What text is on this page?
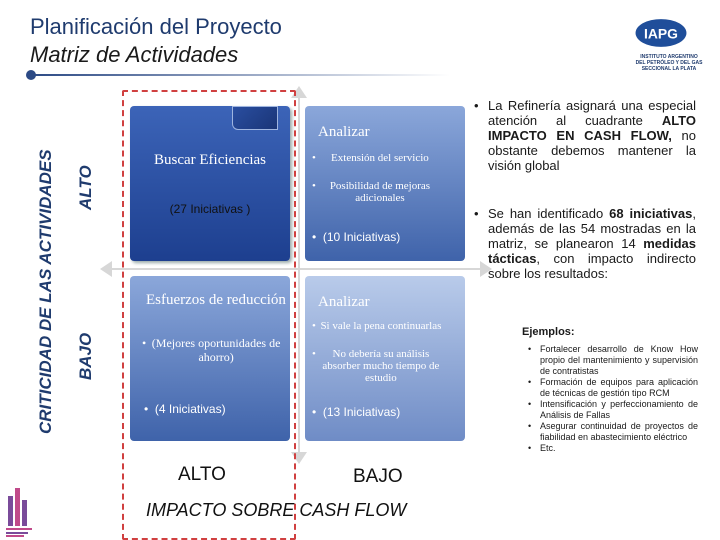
Planificación del Proyecto
Matriz de Actividades
IAPG
INSTITUTO ARGENTINO
DEL PETRÓLEO Y DEL GAS
SECCIONAL LA PLATA
CRITICIDAD DE LAS ACTIVIDADES ALTO
BAJO
Buscar Eficiencias
(27 Iniciativas )
Analizar
•	Extensión del servicio
•	Posibilidad de mejoras adicionales
•  (10 Iniciativas)
Esfuerzos de reducción
• (Mejores oportunidades de ahorro)
•  (4 Iniciativas)
Analizar
• Si vale la pena continuarlas
•	No debería su análisis absorber mucho tiempo de estudio
•  (13 Iniciativas)
ALTO	BAJO
IMPACTO SOBRE CASH FLOW
• La Refinería asignará una especial atención al cuadrante ALTO IMPACTO EN CASH FLOW, no obstante debemos mantener la visión global
• Se han identificado 68 iniciativas, además de las 54 mostradas en la matriz, se planearon 14 medidas tácticas, con impacto indirecto sobre los resultados:
Ejemplos:
• Fortalecer desarrollo de Know How propio del mantenimiento y supervisión de contratistas
• Formación de equipos para aplicación de técnicas de gestión tipo RCM
• Intensificación y perfeccionamiento de Análisis de Fallas
• Asegurar continuidad de proyectos de fiabilidad en abastecimiento eléctrico
• Etc.
